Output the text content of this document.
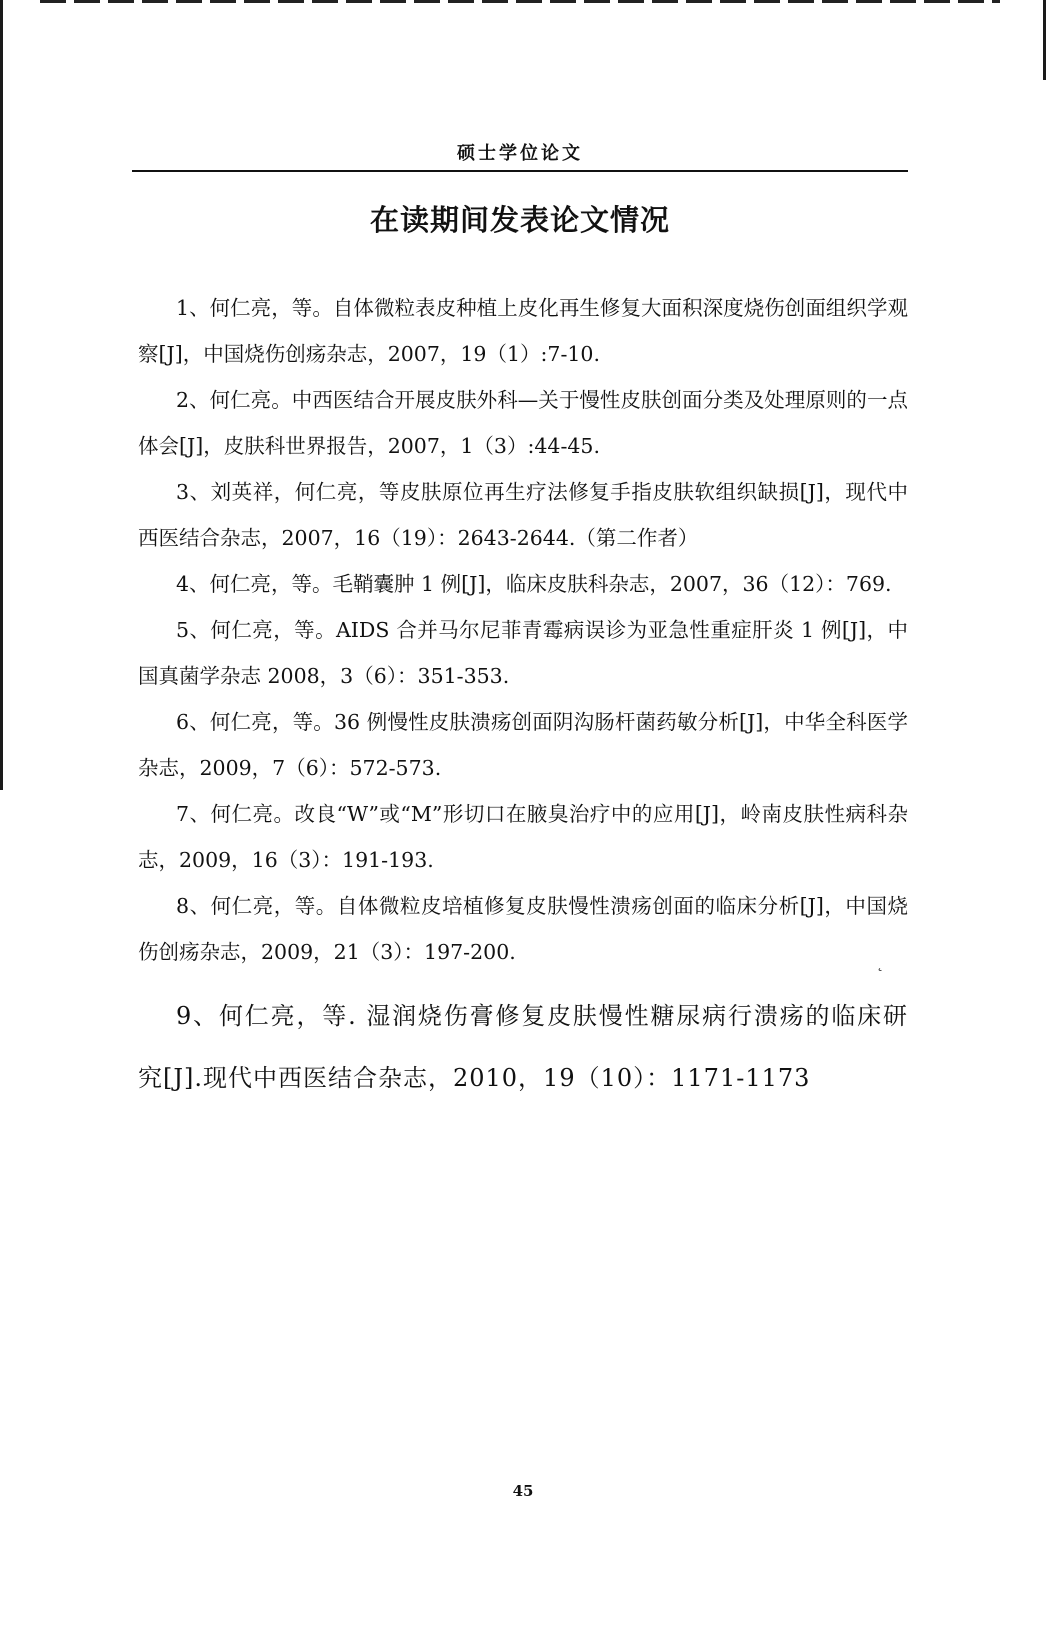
硕士学位论文
在读期间发表论文情况

1、何仁亮，等。自体微粒表皮种植上皮化再生修复大面积深度烧伤创面组织学观察[J]，中国烧伤创疡杂志，2007，19（1）:7-10.

2、何仁亮。中西医结合开展皮肤外科—关于慢性皮肤创面分类及处理原则的一点体会[J]，皮肤科世界报告，2007，1（3）:44-45.

3、刘英祥，何仁亮，等皮肤原位再生疗法修复手指皮肤软组织缺损[J]，现代中西医结合杂志，2007，16（19）：2643-2644.（第二作者）

4、何仁亮，等。毛鞘囊肿 1 例[J]，临床皮肤科杂志，2007，36（12）：769.

5、何仁亮，等。AIDS 合并马尔尼菲青霉病误诊为亚急性重症肝炎 1 例[J]，中国真菌学杂志 2008，3（6）：351-353.

6、何仁亮，等。36 例慢性皮肤溃疡创面阴沟肠杆菌药敏分析[J]，中华全科医学杂志，2009，7（6）：572-573.

7、何仁亮。改良“W”或“M”形切口在腋臭治疗中的应用[J]，岭南皮肤性病科杂志，2009，16（3）：191-193.

8、何仁亮，等。自体微粒皮培植修复皮肤慢性溃疡创面的临床分析[J]，中国烧伤创疡杂志，2009，21（3）：197-200.

9、何仁亮，等. 湿润烧伤膏修复皮肤慢性糖尿病行溃疡的临床研究[J].现代中西医结合杂志，2010，19（10）：1171-1173

˛
45
